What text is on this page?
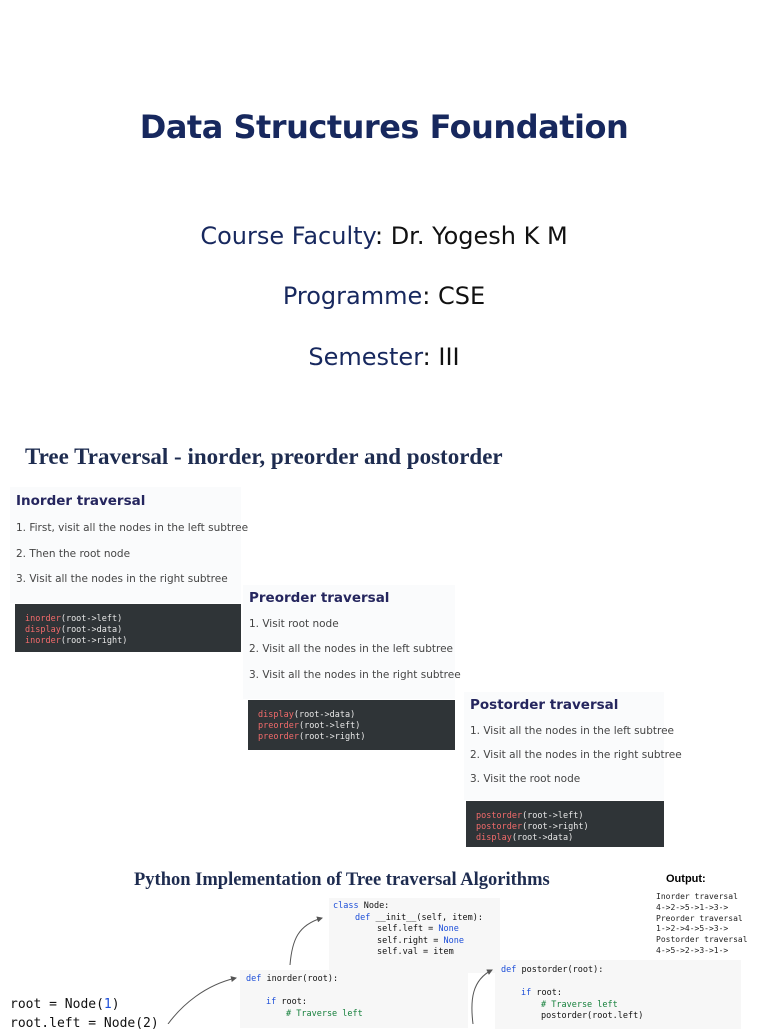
Data Structures Foundation
Course Faculty: Dr. Yogesh K M
Programme: CSE
Semester: III
Tree Traversal - inorder, preorder and postorder
Inorder traversal
1. First, visit all the nodes in the left subtree
2. Then the root node
3. Visit all the nodes in the right subtree
inorder(root->left)
display(root->data)
inorder(root->right)
Preorder traversal
1. Visit root node
2. Visit all the nodes in the left subtree
3. Visit all the nodes in the right subtree
display(root->data)
preorder(root->left)
preorder(root->right)
Postorder traversal
1. Visit all the nodes in the left subtree
2. Visit all the nodes in the right subtree
3. Visit the root node
postorder(root->left)
postorder(root->right)
display(root->data)
Python Implementation of Tree traversal Algorithms	Output:
Inorder traversal
4->2->5->1->3->
Preorder traversal
1->2->4->5->3->
Postorder traversal
4->5->2->3->1->
class Node:
def __init__(self, item):
self.left = None
self.right = None
self.val = item
def inorder(root):

if root:
# Traverse left
def postorder(root):

if root:
# Traverse left
postorder(root.left)
root = Node(1)
root.left = Node(2)
